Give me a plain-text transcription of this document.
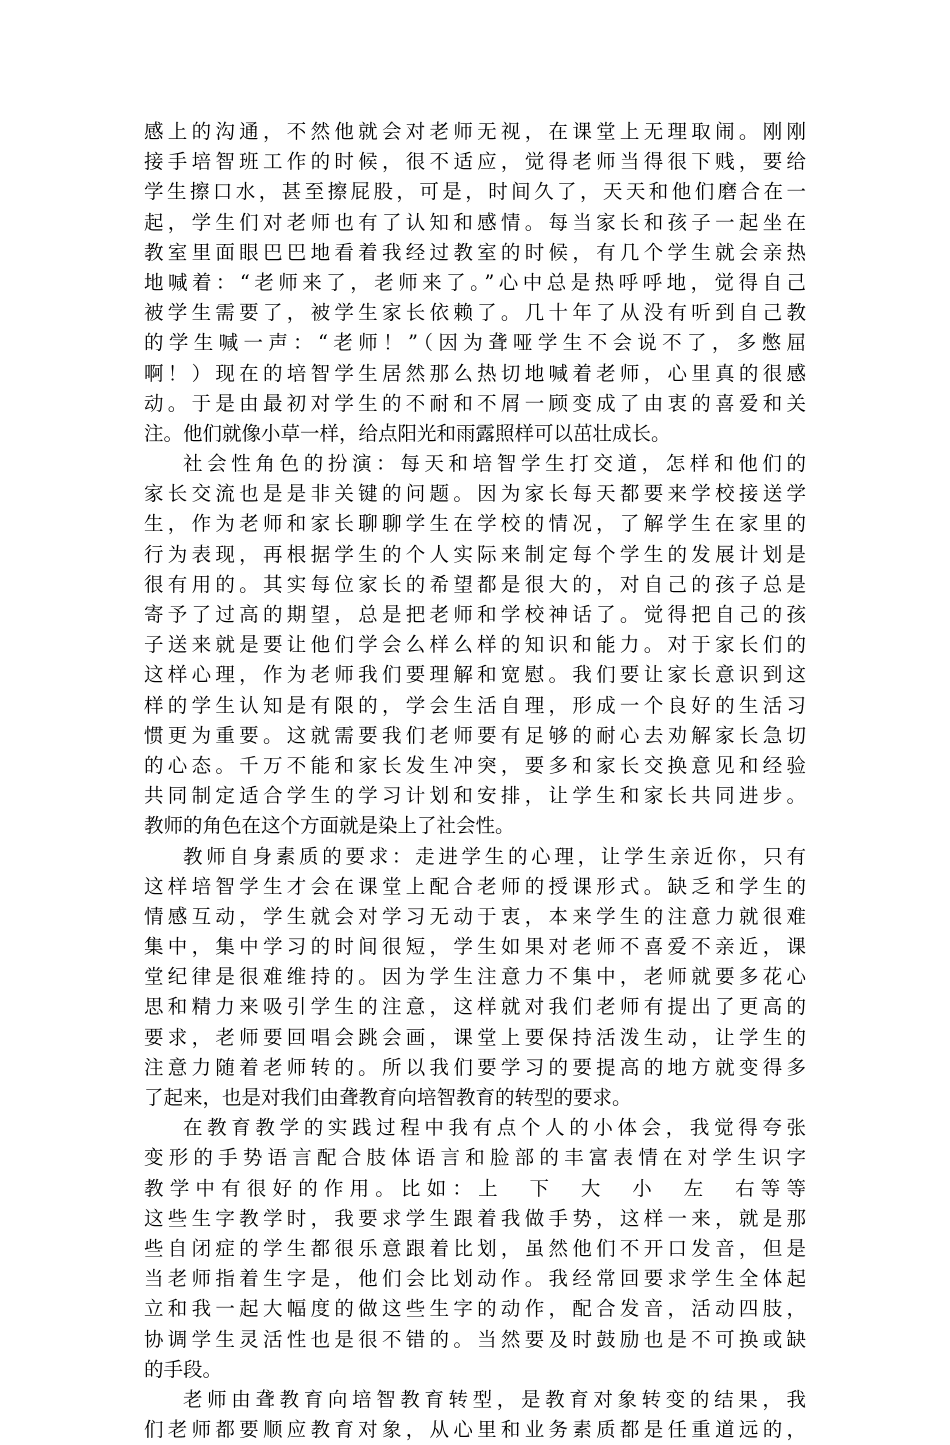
感上的沟通，不然他就会对老师无视，在课堂上无理取闹。刚刚
接手培智班工作的时候，很不适应，觉得老师当得很下贱，要给
学生擦口水，甚至擦屁股，可是，时间久了，天天和他们磨合在一
起，学生们对老师也有了认知和感情。每当家长和孩子一起坐在
教室里面眼巴巴地看着我经过教室的时候，有几个学生就会亲热
地喊着：“老师来了，老师来了。”心中总是热呼呼地，觉得自己
被学生需要了，被学生家长依赖了。几十年了从没有听到自己教
的学生喊一声：“老师！”（因为聋哑学生不会说不了，多憋屈
啊！）现在的培智学生居然那么热切地喊着老师，心里真的很感
动。于是由最初对学生的不耐和不屑一顾变成了由衷的喜爱和关
注。他们就像小草一样，给点阳光和雨露照样可以茁壮成长。
社会性角色的扮演：每天和培智学生打交道，怎样和他们的
家长交流也是是非关键的问题。因为家长每天都要来学校接送学
生，作为老师和家长聊聊学生在学校的情况，了解学生在家里的
行为表现，再根据学生的个人实际来制定每个学生的发展计划是
很有用的。其实每位家长的希望都是很大的，对自己的孩子总是
寄予了过高的期望，总是把老师和学校神话了。觉得把自己的孩
子送来就是要让他们学会么样么样的知识和能力。对于家长们的
这样心理，作为老师我们要理解和宽慰。我们要让家长意识到这
样的学生认知是有限的，学会生活自理，形成一个良好的生活习
惯更为重要。这就需要我们老师要有足够的耐心去劝解家长急切
的心态。千万不能和家长发生冲突，要多和家长交换意见和经验
共同制定适合学生的学习计划和安排，让学生和家长共同进步。
教师的角色在这个方面就是染上了社会性。
教师自身素质的要求：走进学生的心理，让学生亲近你，只有
这样培智学生才会在课堂上配合老师的授课形式。缺乏和学生的
情感互动，学生就会对学习无动于衷，本来学生的注意力就很难
集中，集中学习的时间很短，学生如果对老师不喜爱不亲近，课
堂纪律是很难维持的。因为学生注意力不集中，老师就要多花心
思和精力来吸引学生的注意，这样就对我们老师有提出了更高的
要求，老师要回唱会跳会画，课堂上要保持活泼生动，让学生的
注意力随着老师转的。所以我们要学习的要提高的地方就变得多
了起来，也是对我们由聋教育向培智教育的转型的要求。
在教育教学的实践过程中我有点个人的小体会，我觉得夸张
变形的手势语言配合肢体语言和脸部的丰富表情在对学生识字
教学中有很好的作用。比如：上　下　大　小　左　右等等
这些生字教学时，我要求学生跟着我做手势，这样一来，就是那
些自闭症的学生都很乐意跟着比划，虽然他们不开口发音，但是
当老师指着生字是，他们会比划动作。我经常回要求学生全体起
立和我一起大幅度的做这些生字的动作，配合发音，活动四肢，
协调学生灵活性也是很不错的。当然要及时鼓励也是不可换或缺
的手段。
老师由聋教育向培智教育转型，是教育对象转变的结果，我
们老师都要顺应教育对象，从心里和业务素质都是任重道远的，
